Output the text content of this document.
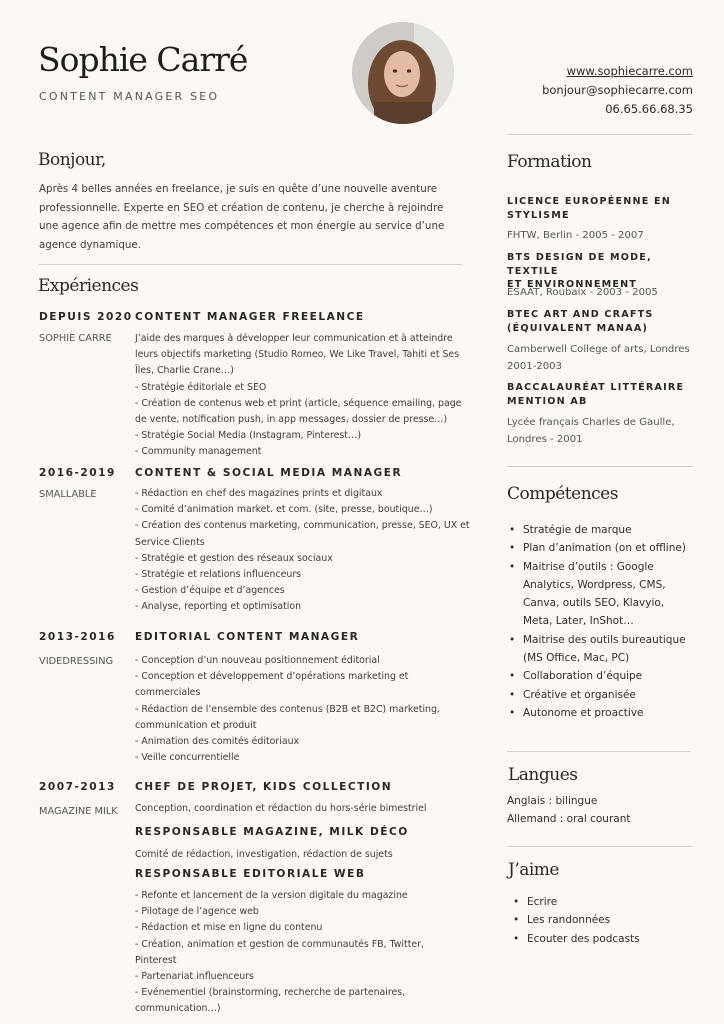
Sophie Carré
CONTENT MANAGER SEO
www.sophiecarre.com
bonjour@sophiecarre.com
06.65.66.68.35
Bonjour,
Après 4 belles années en freelance, je suis en quête d’une nouvelle aventure
professionnelle. Experte en SEO et création de contenu, je cherche à rejoindre
une agence afin de mettre mes compétences et mon énergie au service d’une
agence dynamique.
Expériences
DEPUIS 2020
SOPHIE CARRE
CONTENT MANAGER FREELANCE
J’aide des marques à développer leur communication et à atteindre
leurs objectifs marketing (Studio Romeo, We Like Travel, Tahiti et Ses
Îles, Charlie Crane…)
- Stratégie éditoriale et SEO
- Création de contenus web et print (article, séquence emailing, page
de vente, notification push, in app messages, dossier de presse…)
- Stratégie Social Media (Instagram, Pinterest…)
- Community management
2016-2019
SMALLABLE
CONTENT & SOCIAL MEDIA MANAGER
- Rédaction en chef des magazines prints et digitaux
- Comité d’animation market. et com. (site, presse, boutique…)
- Création des contenus marketing, communication, presse, SEO, UX et
Service Clients
- Stratégie et gestion des réseaux sociaux
- Stratégie et relations influenceurs
- Gestion d’équipe et d’agences
- Analyse, reporting et optimisation
2013-2016
VIDEDRESSING
EDITORIAL CONTENT MANAGER
- Conception d’un nouveau positionnement éditorial
- Conception et développement d’opérations marketing et
commerciales
- Rédaction de l’ensemble des contenus (B2B et B2C) marketing,
communication et produit
- Animation des comités éditoriaux
- Veille concurrentielle
2007-2013
MAGAZINE MILK
CHEF DE PROJET, KIDS COLLECTION
Conception, coordination et rédaction du hors-série bimestriel
RESPONSABLE MAGAZINE, MILK DÉCO
Comité de rédaction, investigation, rédaction de sujets
RESPONSABLE EDITORIALE WEB
- Refonte et lancement de la version digitale du magazine
- Pilotage de l’agence web
- Rédaction et mise en ligne du contenu
- Création, animation et gestion de communautés FB, Twitter,
Pinterest
- Partenariat influenceurs
- Evénementiel (brainstorming, recherche de partenaires,
communication…)
Formation
LICENCE EUROPÉENNE EN
STYLISME
FHTW, Berlin - 2005 - 2007
BTS DESIGN DE MODE, TEXTILE
ET ENVIRONNEMENT
ESAAT, Roubaix - 2003 - 2005
BTEC ART AND CRAFTS
(ÉQUIVALENT MANAA)
Camberwell College of arts, Londres
2001-2003
BACCALAURÉAT LITTÉRAIRE
MENTION AB
Lycée français Charles de Gaulle,
Londres - 2001
Compétences
• Stratégie de marque
• Plan d’animation (on et offline)
• Maitrise d’outils : Google
Analytics, Wordpress, CMS,
Canva, outils SEO, Klavyio,
Meta, Later, InShot…
• Maitrise des outils bureautique
(MS Office, Mac, PC)
• Collaboration d’équipe
• Créative et organisée
• Autonome et proactive
Langues
Anglais : bilingue
Allemand : oral courant
J’aime
• Ecrire
• Les randonnées
• Ecouter des podcasts
